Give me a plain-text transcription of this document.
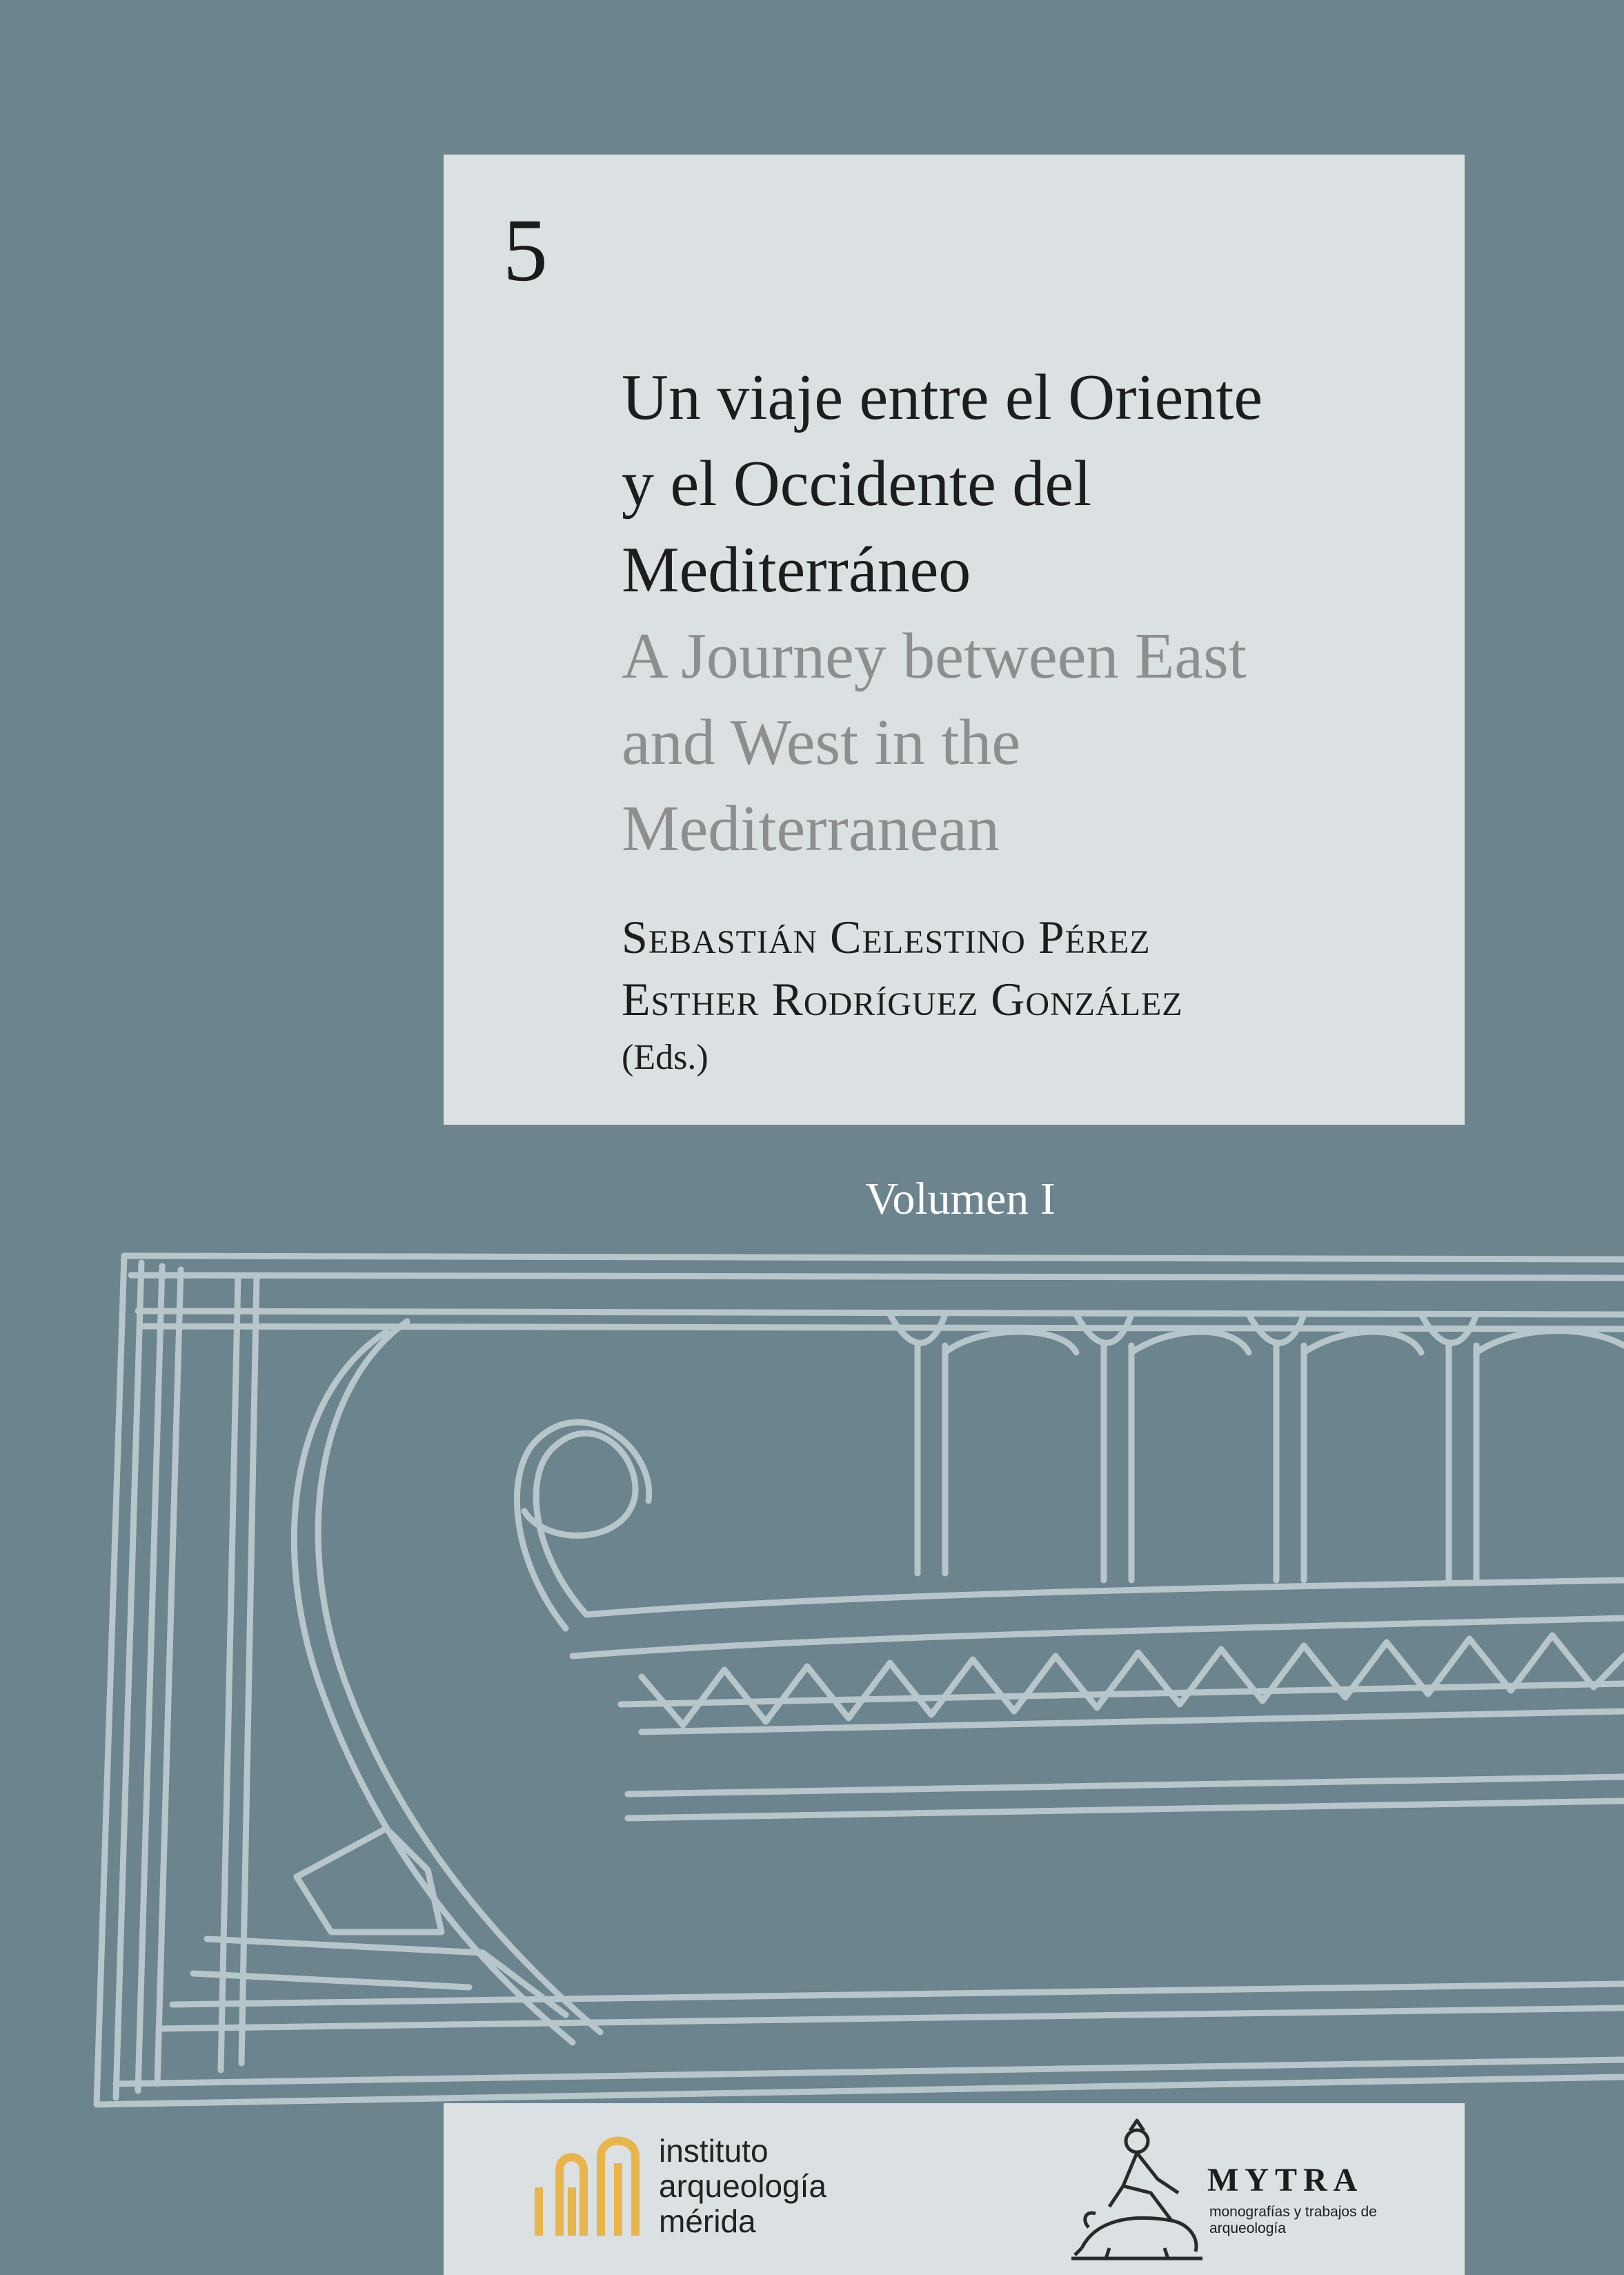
5
Un viaje entre el Oriente
y el Occidente del
Mediterráneo
A Journey between East
and West in the
Mediterranean
Sebastián Celestino Pérez
Esther Rodríguez González
(Eds.)
Volumen I
instituto
arqueología
mérida
MYTRA
monografías y trabajos de arqueología
